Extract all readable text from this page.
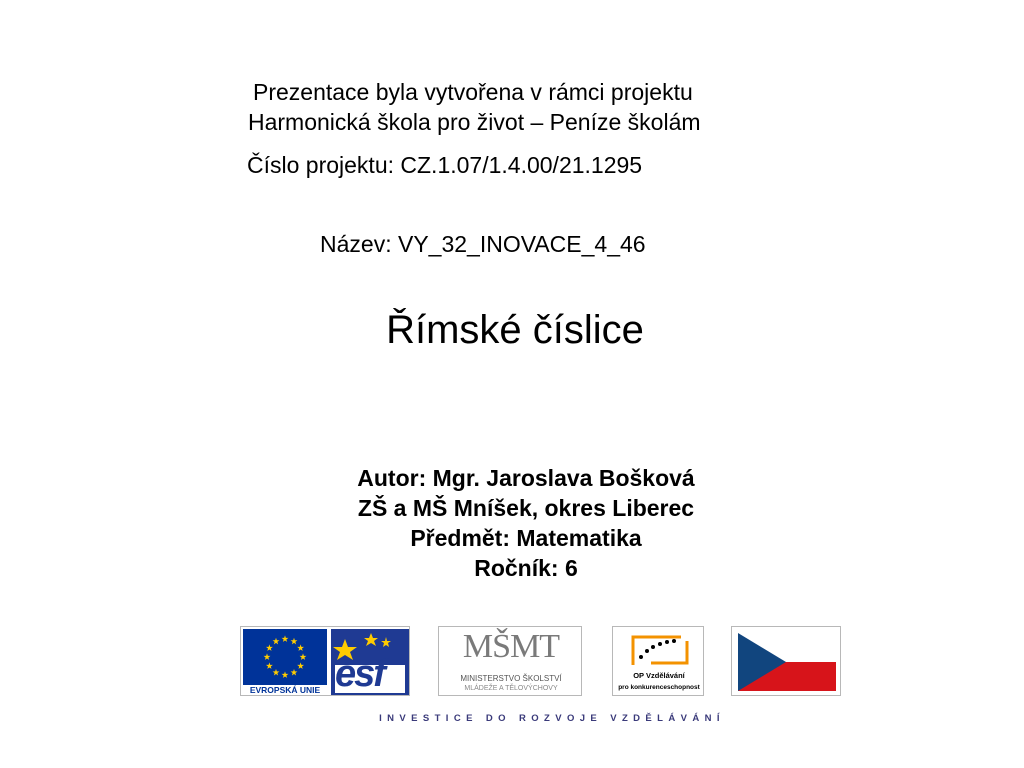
Prezentace byla vytvořena v rámci projektu
Harmonická škola pro život – Peníze školám
Číslo projektu: CZ.1.07/1.4.00/21.1295
Název: VY_32_INOVACE_4_46
Římské číslice
Autor: Mgr. Jaroslava Bošková
ZŠ a MŠ Mníšek, okres Liberec
Předmět: Matematika
Ročník: 6
EVROPSKÁ UNIE esf
MŠMT
MINISTERSTVO ŠKOLSTVÍ
MLÁDEŽE A TĚLOVÝCHOVY
OP Vzdělávání
pro konkurenceschopnost
INVESTICE DO ROZVOJE VZDĚLÁVÁNÍ
